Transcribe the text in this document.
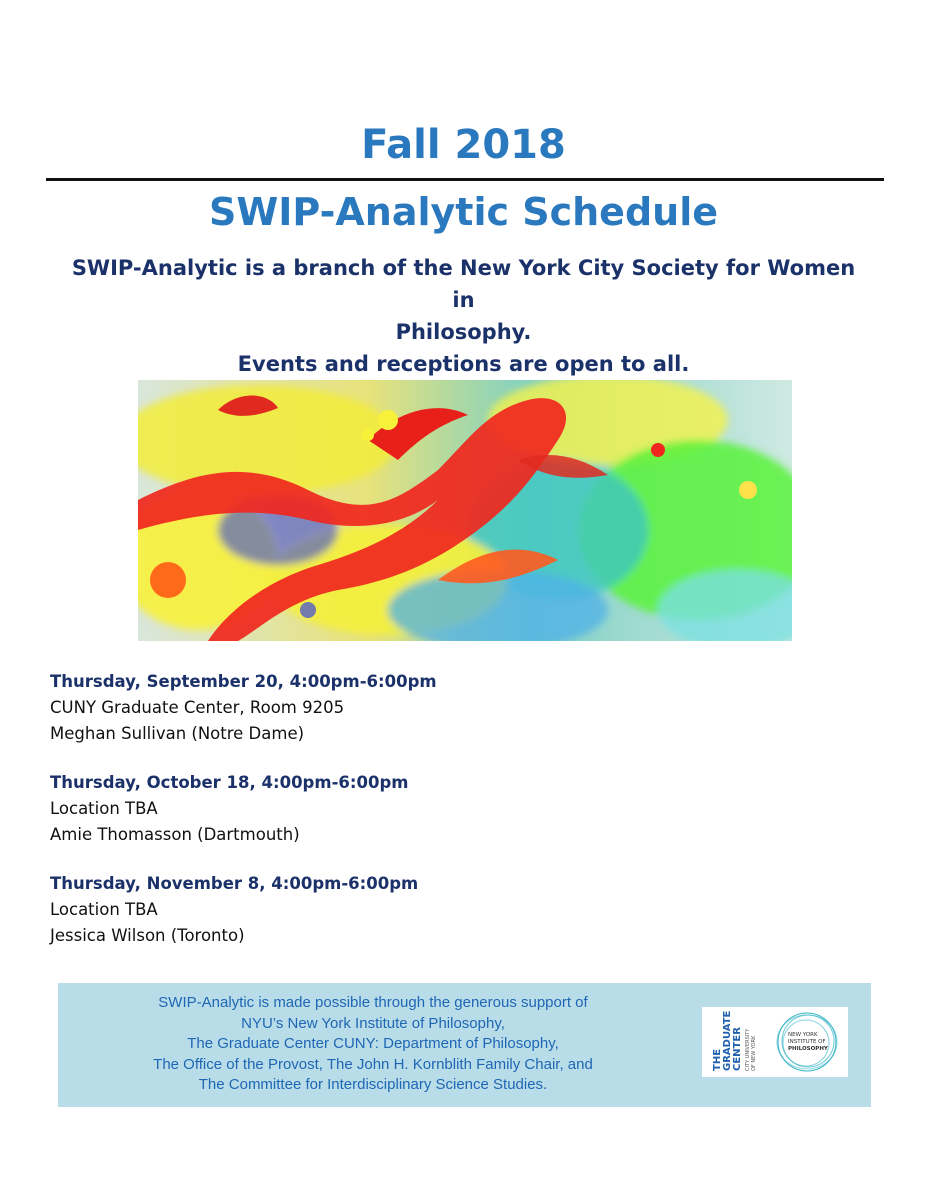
Fall 2018
SWIP-Analytic Schedule

SWIP-Analytic is a branch of the New York City Society for Women in

Philosophy.

Events and receptions are open to all.

Thursday, September 20, 4:00pm-6:00pm
CUNY Graduate Center, Room 9205
Meghan Sullivan (Notre Dame)
Thursday, October 18, 4:00pm-6:00pm
Location TBA
Amie Thomasson (Dartmouth)
Thursday, November 8, 4:00pm-6:00pm
Location TBA
Jessica Wilson (Toronto)
SWIP-Analytic is made possible through the generous support of
NYU’s New York Institute of Philosophy,
The Graduate Center CUNY: Department of Philosophy,
The Office of the Provost, The John H. Kornblith Family Chair, and
The Committee for Interdisciplinary Science Studies.
THE GRADUATE CENTER CITY UNIVERSITY OF NEW YORK
NEW YORK
INSTITUTE OF
PHILOSOPHY
